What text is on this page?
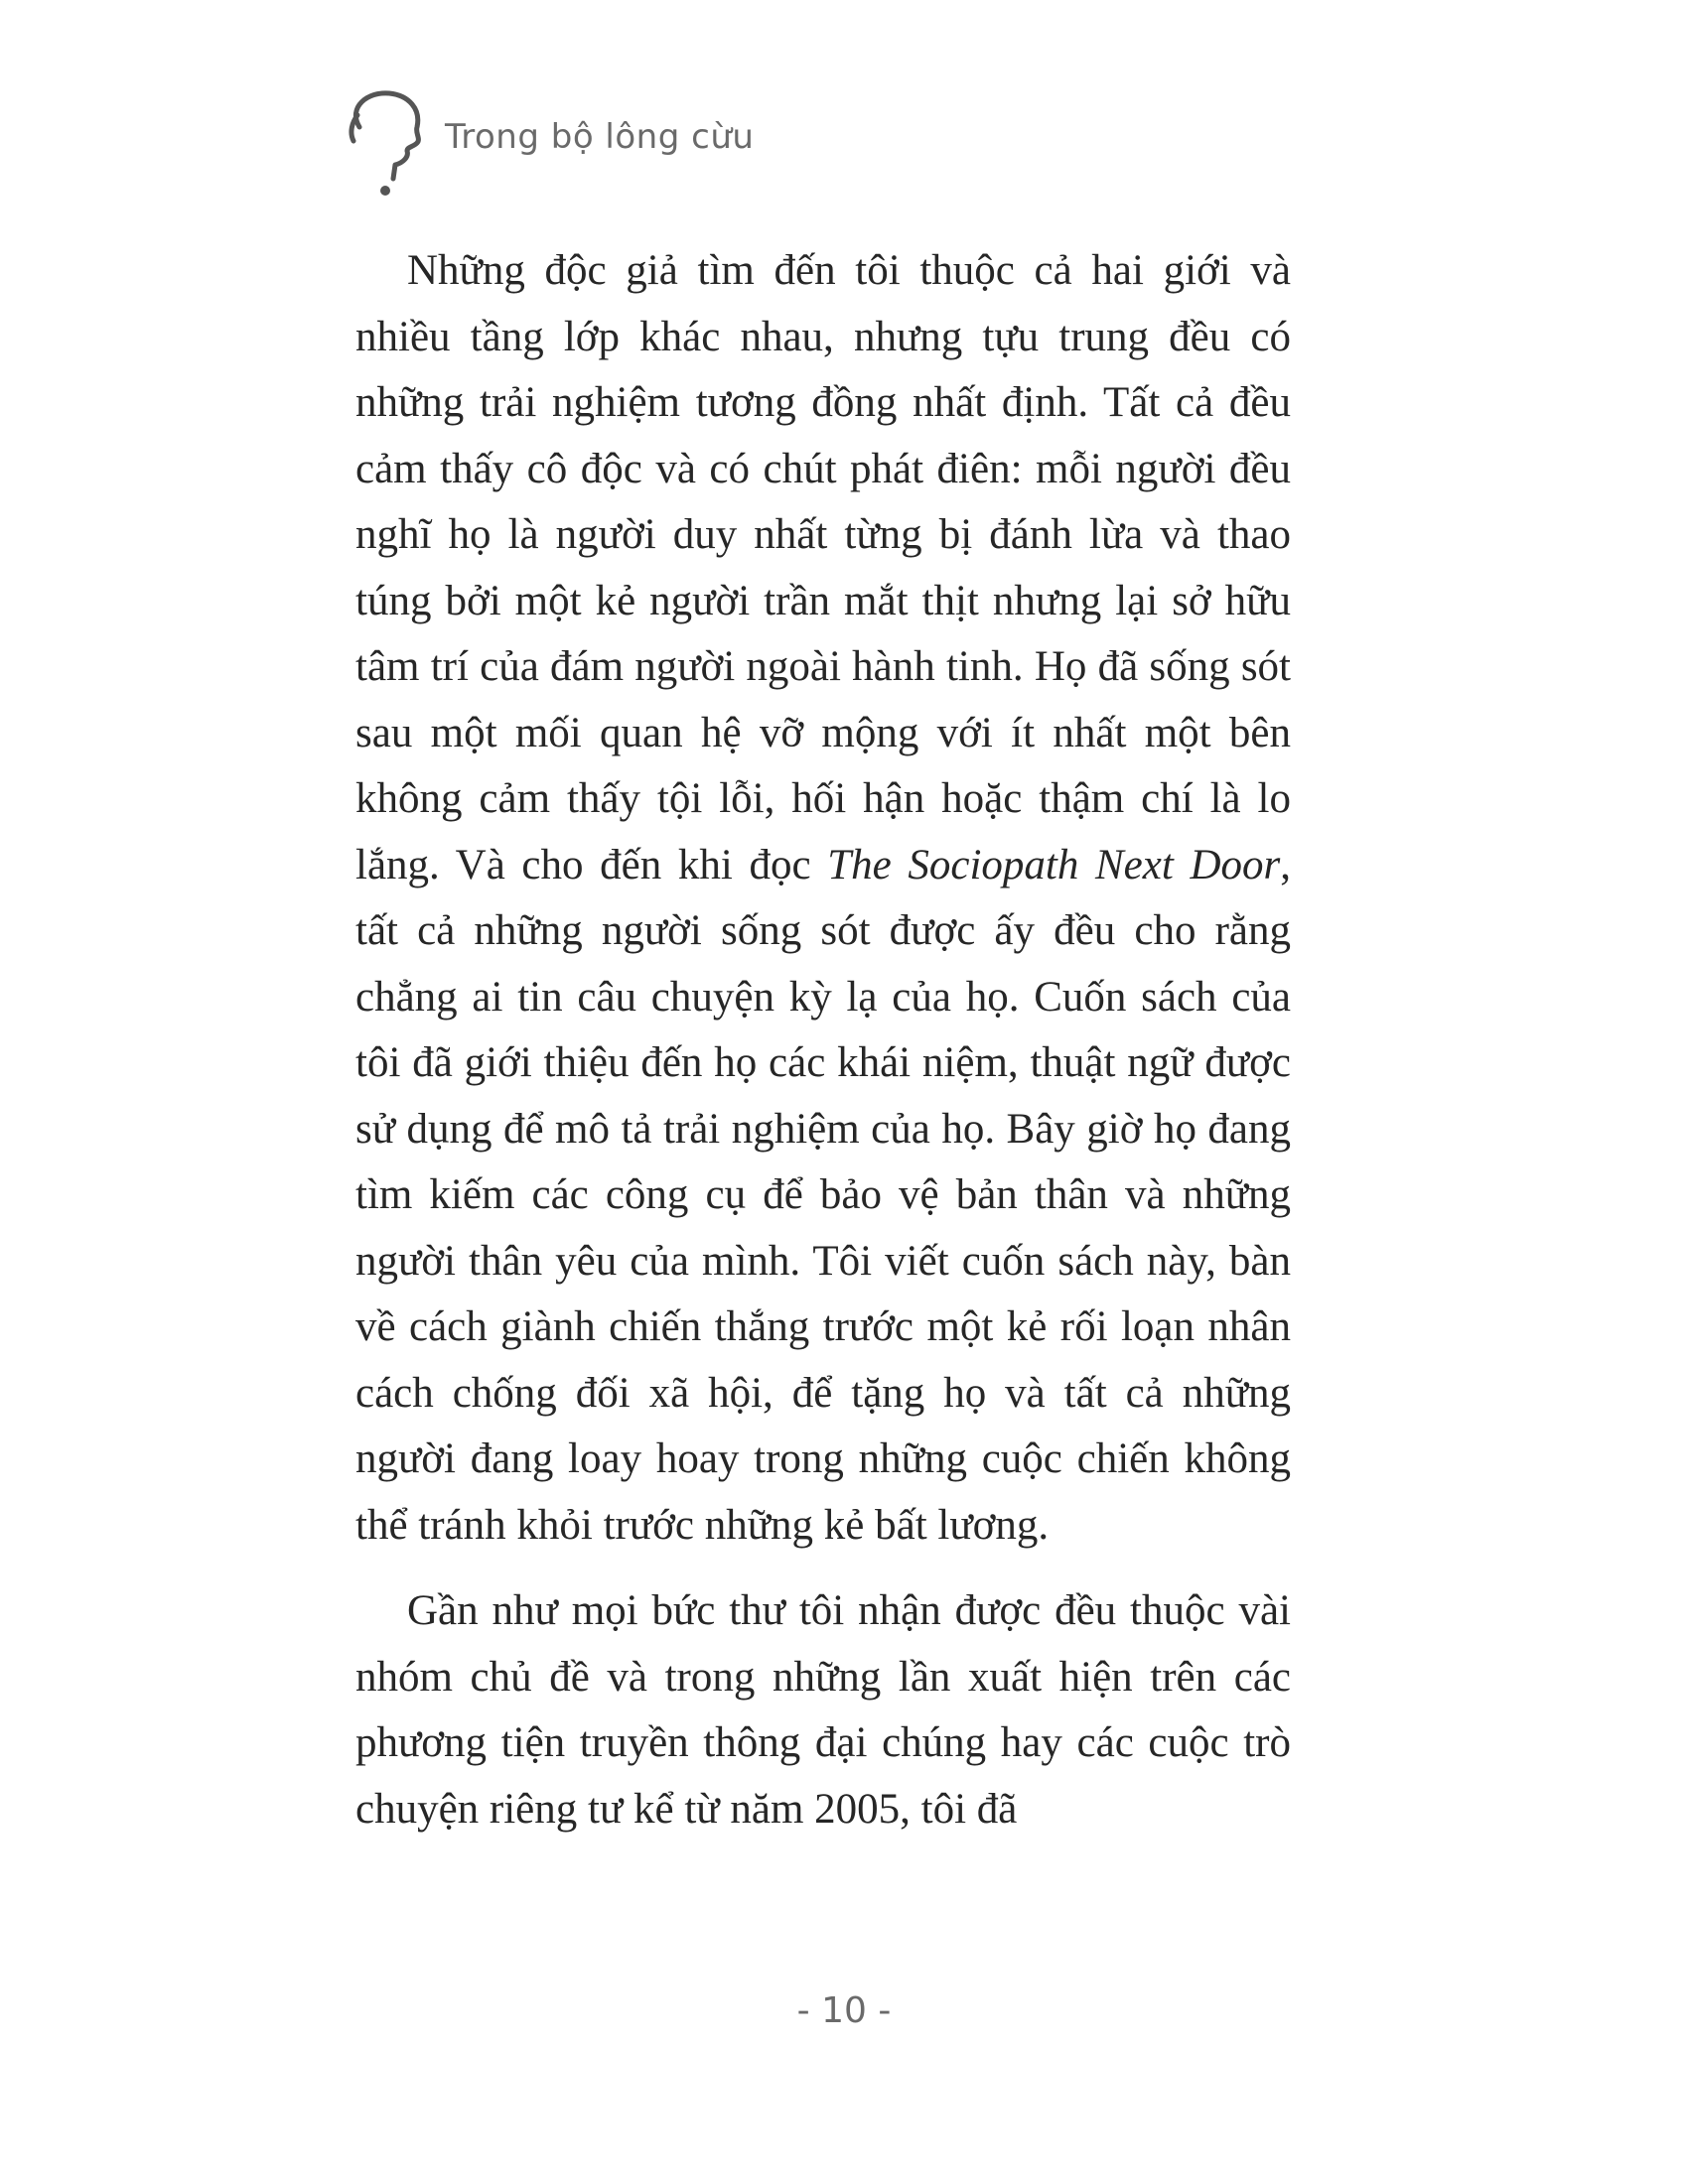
Trong bộ lông cừu

Những độc giả tìm đến tôi thuộc cả hai giới và nhiều tầng lớp khác nhau, nhưng tựu trung đều có những trải nghiệm tương đồng nhất định. Tất cả đều cảm thấy cô độc và có chút phát điên: mỗi người đều nghĩ họ là người duy nhất từng bị đánh lừa và thao túng bởi một kẻ người trần mắt thịt nhưng lại sở hữu tâm trí của đám người ngoài hành tinh. Họ đã sống sót sau một mối quan hệ vỡ mộng với ít nhất một bên không cảm thấy tội lỗi, hối hận hoặc thậm chí là lo lắng. Và cho đến khi đọc The Sociopath Next Door, tất cả những người sống sót được ấy đều cho rằng chẳng ai tin câu chuyện kỳ lạ của họ. Cuốn sách của tôi đã giới thiệu đến họ các khái niệm, thuật ngữ được sử dụng để mô tả trải nghiệm của họ. Bây giờ họ đang tìm kiếm các công cụ để bảo vệ bản thân và những người thân yêu của mình. Tôi viết cuốn sách này, bàn về cách giành chiến thắng trước một kẻ rối loạn nhân cách chống đối xã hội, để tặng họ và tất cả những người đang loay hoay trong những cuộc chiến không thể tránh khỏi trước những kẻ bất lương.

Gần như mọi bức thư tôi nhận được đều thuộc vài nhóm chủ đề và trong những lần xuất hiện trên các phương tiện truyền thông đại chúng hay các cuộc trò chuyện riêng tư kể từ năm 2005, tôi đã

- 10 -
